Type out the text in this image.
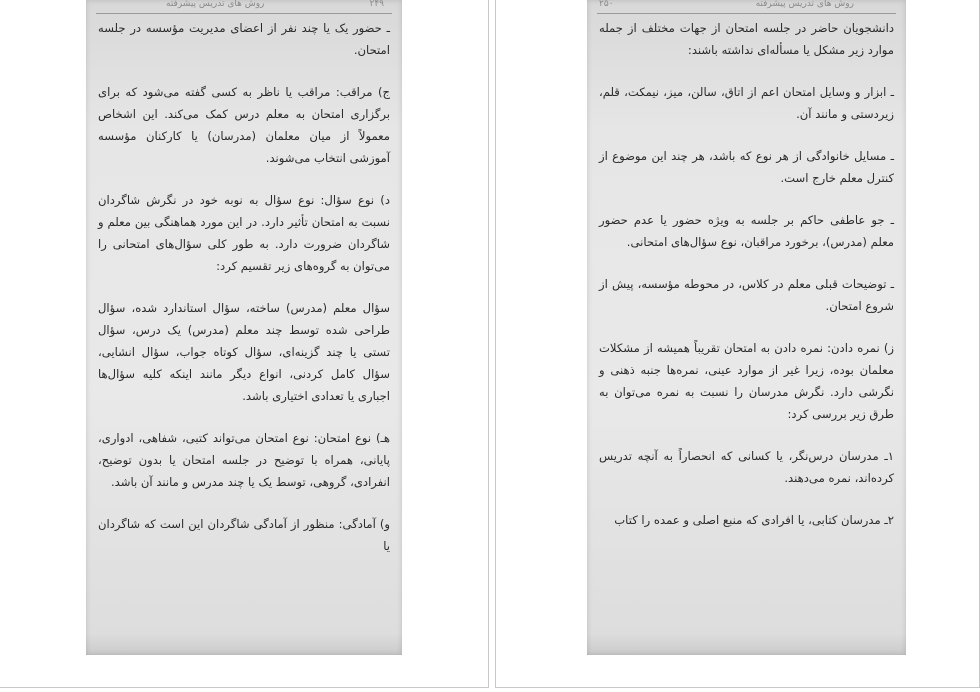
روش های تدریس پیشرفته	۲۴۹

ـ حضور یک یا چند نفر از اعضای مدیریت مؤسسه در جلسه امتحان.

ج) مراقب: مراقب یا ناظر به کسی گفته می‌شود که برای برگزاری امتحان به معلم درس کمک می‌کند. این اشخاص معمولاً از میان معلمان (مدرسان) یا کارکنان مؤسسه آموزشی انتخاب می‌شوند.

د) نوع سؤال: نوع سؤال به نوبه خود در نگرش شاگردان نسبت به امتحان تأثیر دارد. در این مورد هماهنگی بین معلم و شاگردان ضرورت دارد. به طور کلی سؤال‌های امتحانی را می‌توان به گروه‌های زیر تقسیم کرد:

سؤال معلم (مدرس) ساخته، سؤال استاندارد شده، سؤال طراحی شده توسط چند معلم (مدرس) یک درس، سؤال تستی یا چند گزینه‌ای، سؤال کوتاه جواب، سؤال انشایی، سؤال کامل کردنی، انواع دیگر مانند اینکه کلیه سؤال‌ها اجباری یا تعدادی اختیاری باشد.

هـ) نوع امتحان: نوع امتحان می‌تواند کتبی، شفاهی، ادواری، پایانی، همراه با توضیح در جلسه امتحان یا بدون توضیح، انفرادی، گروهی، توسط یک یا چند مدرس و مانند آن باشد.

و) آمادگی: منظور از آمادگی شاگردان این است که شاگردان یا

روش های تدریس پیشرفته
۲۵۰

دانشجویان حاضر در جلسه امتحان از جهات مختلف از جمله موارد زیر مشکل یا مسأله‌ای نداشته باشند:

ـ ابزار و وسایل امتحان اعم از اتاق، سالن، میز، نیمکت، قلم، زیردستی و مانند آن.

ـ مسایل خانوادگی از هر نوع که باشد، هر چند این موضوع از کنترل معلم خارج است.

ـ جو عاطفی حاکم بر جلسه به ویژه حضور یا عدم حضور معلم (مدرس)، برخورد مراقبان، نوع سؤال‌های امتحانی.

ـ توضیحات قبلی معلم در کلاس، در محوطه مؤسسه، پیش از شروع امتحان.

ز) نمره دادن: نمره دادن به امتحان تقریباً همیشه از مشکلات معلمان بوده، زیرا غیر از موارد عینی، نمره‌ها جنبه ذهنی و نگرشی دارد. نگرش مدرسان را نسبت به نمره می‌توان به طرق زیر بررسی کرد:

۱ـ مدرسان درس‌نگر، یا کسانی که انحصاراً به آنچه تدریس کرده‌اند، نمره می‌دهند.

۲ـ مدرسان کتابی، یا افرادی که منبع اصلی و عمده را کتاب
